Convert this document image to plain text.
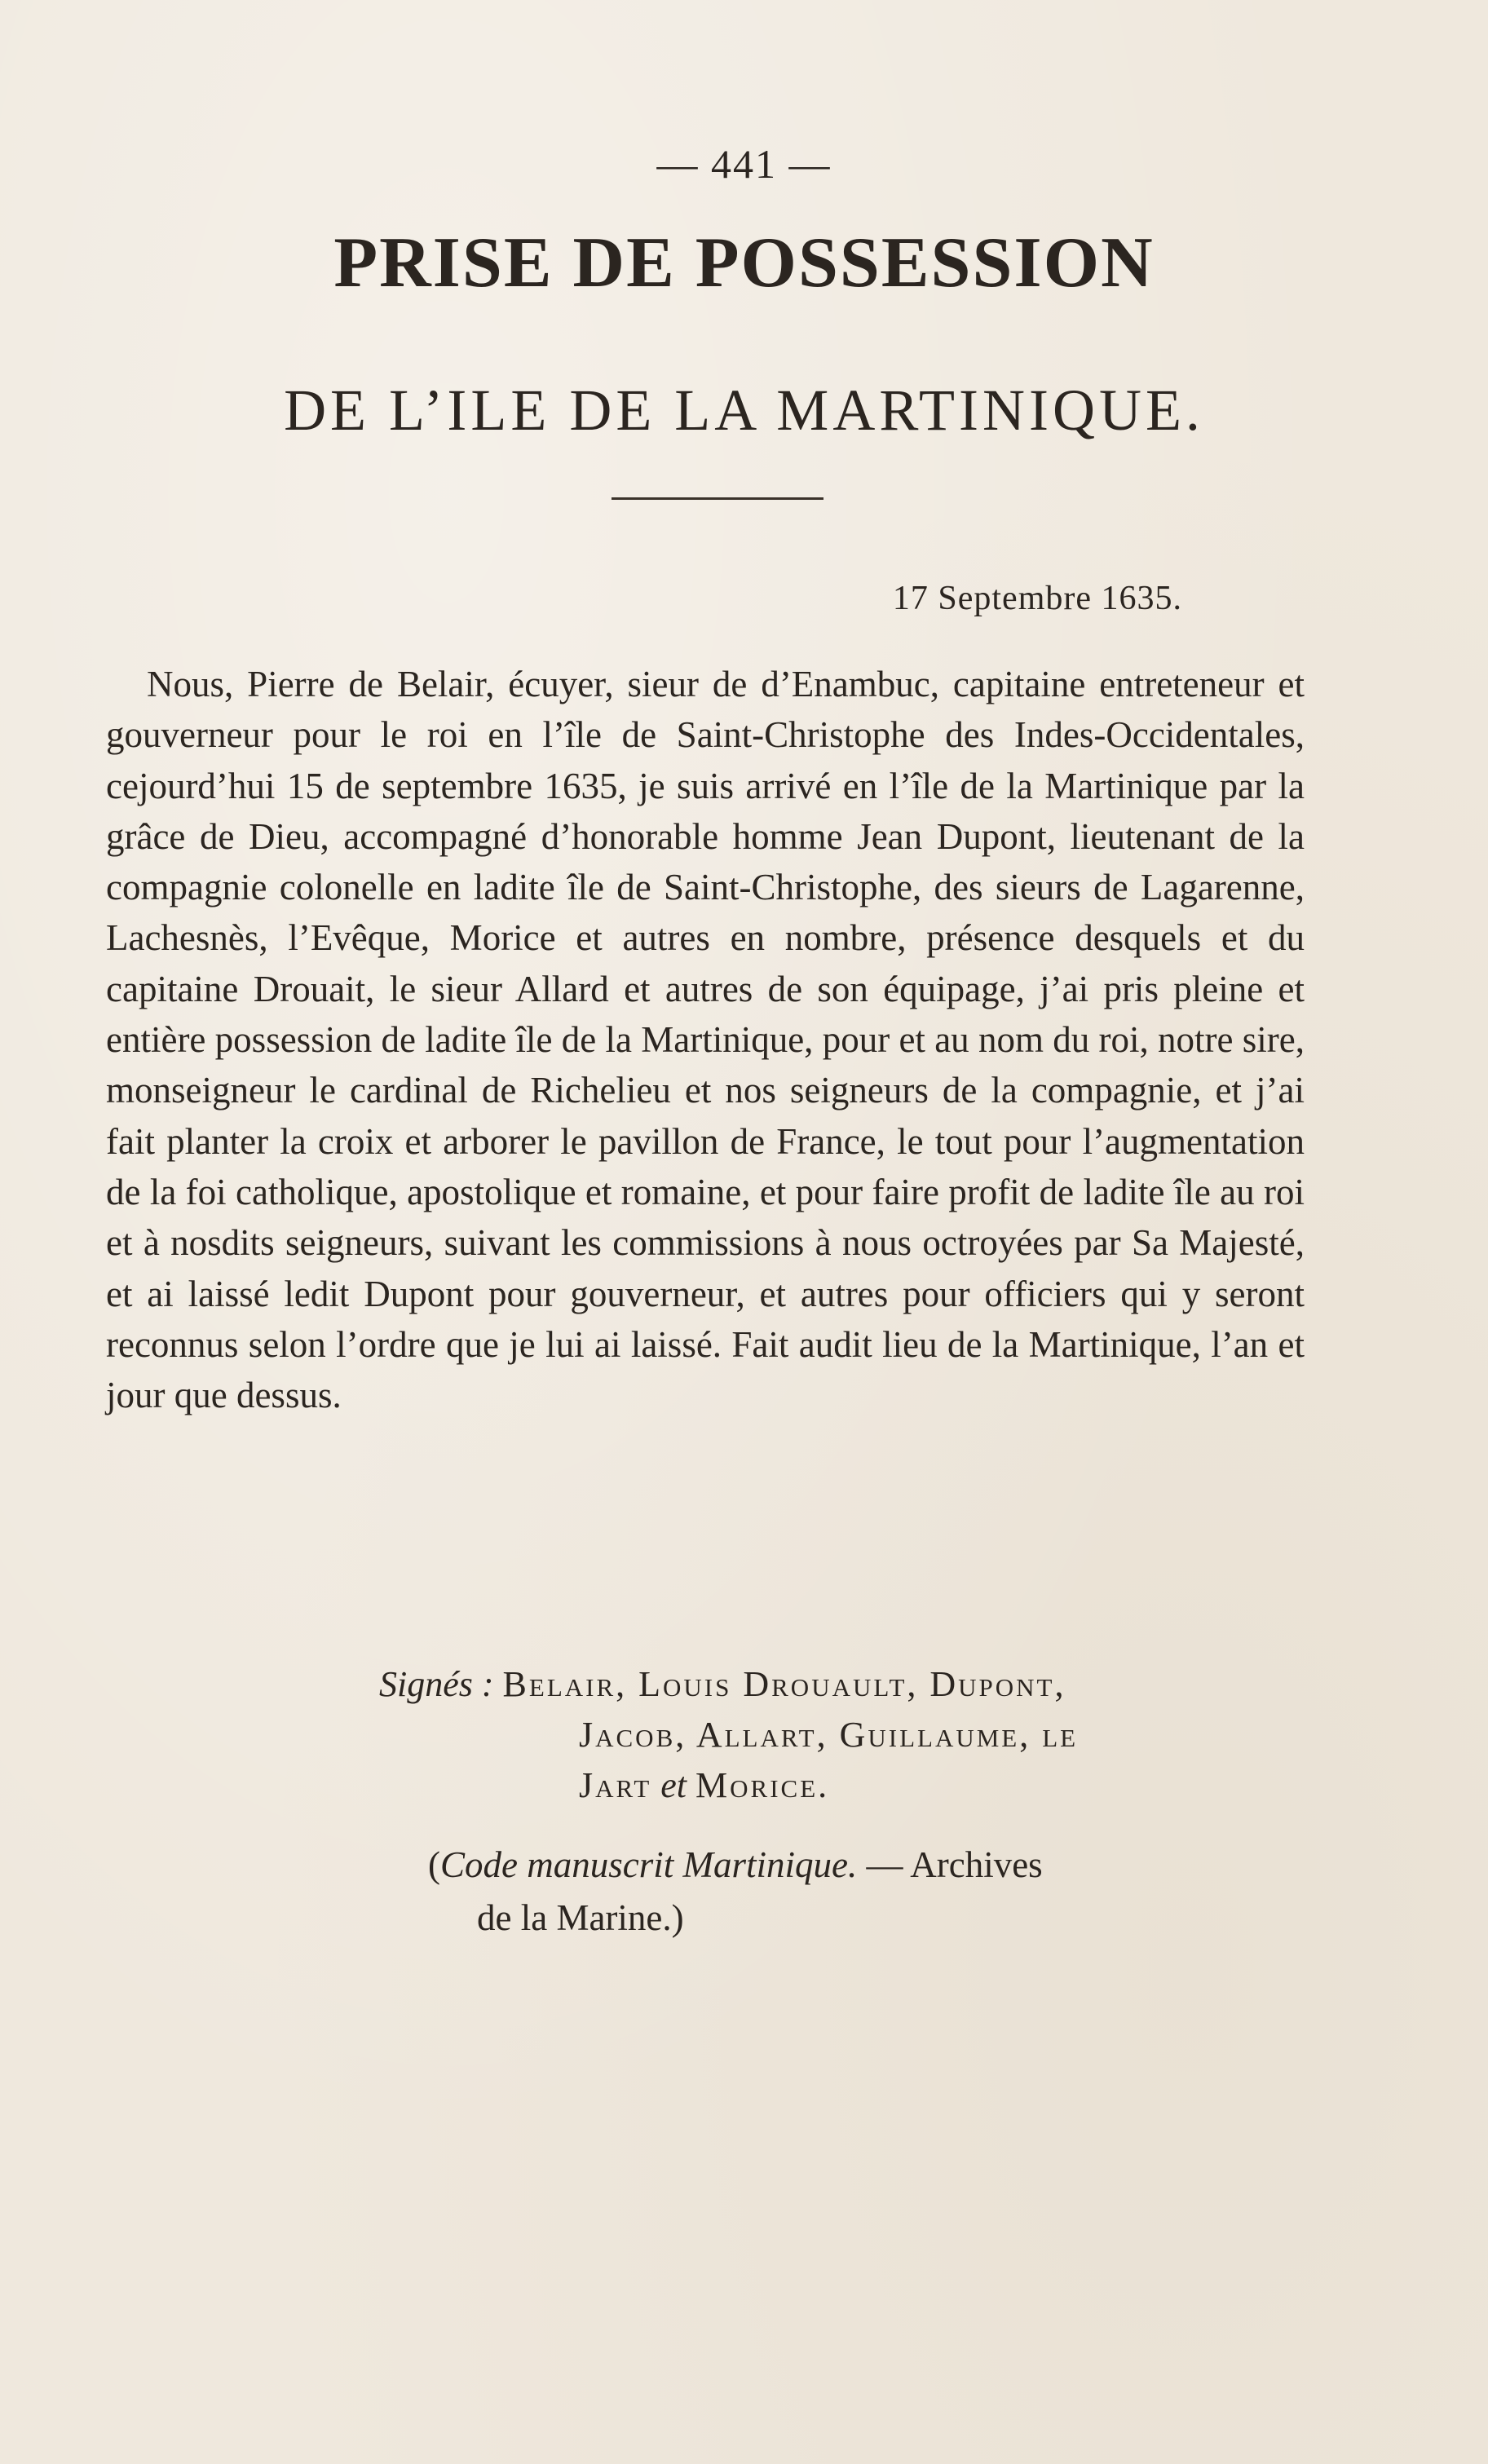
— 441 —
PRISE DE POSSESSION
DE L’ILE DE LA MARTINIQUE.
17 Septembre 1635.
Nous, Pierre de Belair, écuyer, sieur de d’Enambuc, capitaine entreteneur et gouverneur pour le roi en l’île de Saint-Christophe des Indes-Occidentales, cejourd’hui 15 de septembre 1635, je suis arrivé en l’île de la Martinique par la grâce de Dieu, accompagné d’honorable homme Jean Dupont, lieutenant de la compagnie colonelle en ladite île de Saint-Christophe, des sieurs de Lagarenne, Lachesnès, l’Evêque, Morice et autres en nombre, présence desquels et du capitaine Drouait, le sieur Allard et autres de son équipage, j’ai pris pleine et entière possession de ladite île de la Martinique, pour et au nom du roi, notre sire, monseigneur le cardinal de Richelieu et nos seigneurs de la compagnie, et j’ai fait planter la croix et arborer le pavillon de France, le tout pour l’augmentation de la foi catholique, apostolique et romaine, et pour faire profit de ladite île au roi et à nosdits seigneurs, suivant les commissions à nous octroyées par Sa Majesté, et ai laissé ledit Dupont pour gouverneur, et autres pour officiers qui y seront reconnus selon l’ordre que je lui ai laissé. Fait audit lieu de la Martinique, l’an et jour que dessus.
Signés : Belair, Louis Drouault, Dupont,
Jacob, Allart, Guillaume, le
Jart et Morice.
(Code manuscrit Martinique. — Archives
de la Marine.)
